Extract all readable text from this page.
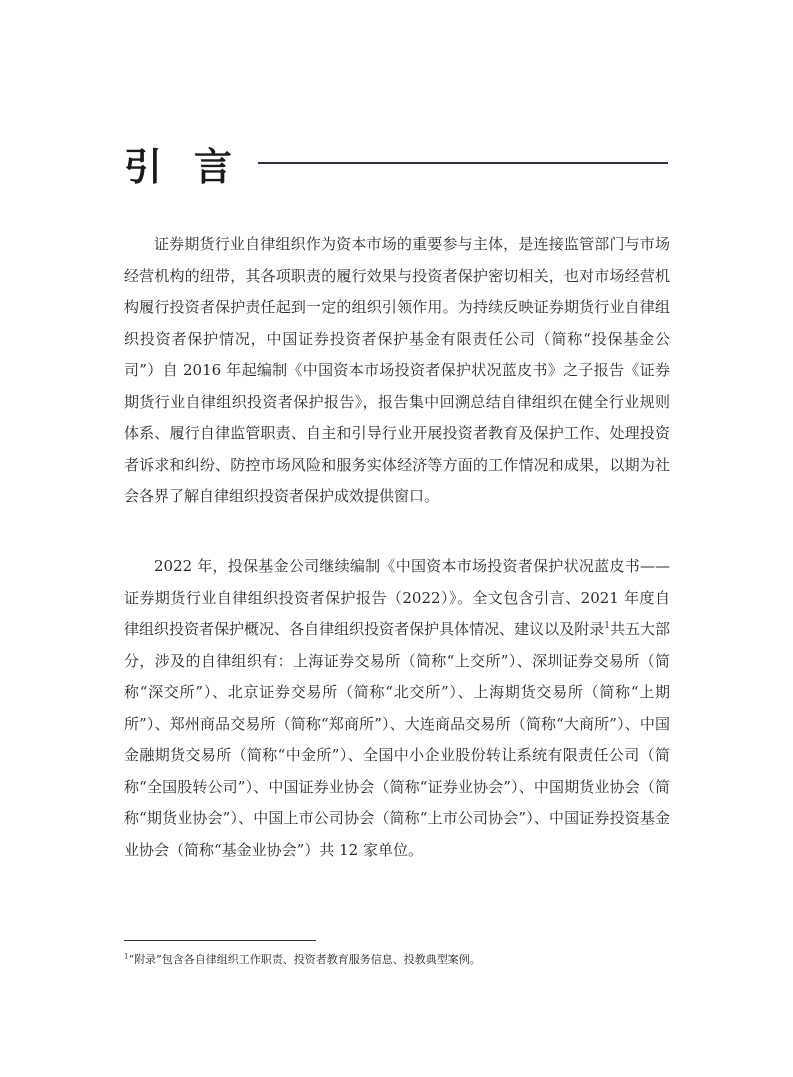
引 言

证券期货行业自律组织作为资本市场的重要参与主体，是连接监管部门与市场经营机构的纽带，其各项职责的履行效果与投资者保护密切相关，也对市场经营机构履行投资者保护责任起到一定的组织引领作用。为持续反映证券期货行业自律组织投资者保护情况，中国证券投资者保护基金有限责任公司（简称“投保基金公司”）自 2016 年起编制《中国资本市场投资者保护状况蓝皮书》之子报告《证券期货行业自律组织投资者保护报告》，报告集中回溯总结自律组织在健全行业规则体系、履行自律监管职责、自主和引导行业开展投资者教育及保护工作、处理投资者诉求和纠纷、防控市场风险和服务实体经济等方面的工作情况和成果，以期为社会各界了解自律组织投资者保护成效提供窗口。

2022 年，投保基金公司继续编制《中国资本市场投资者保护状况蓝皮书——证券期货行业自律组织投资者保护报告（2022）》。全文包含引言、2021 年度自律组织投资者保护概况、各自律组织投资者保护具体情况、建议以及附录$^1$共五大部分，涉及的自律组织有：上海证券交易所（简称“上交所”）、深圳证券交易所（简称“深交所”）、北京证券交易所（简称“北交所”）、上海期货交易所（简称“上期所”）、郑州商品交易所（简称“郑商所”）、大连商品交易所（简称“大商所”）、中国金融期货交易所（简称“中金所”）、全国中小企业股份转让系统有限责任公司（简称“全国股转公司”）、中国证券业协会（简称“证券业协会”）、中国期货业协会（简称“期货业协会”）、中国上市公司协会（简称“上市公司协会”）、中国证券投资基金业协会（简称“基金业协会”）共 12 家单位。

$^1$“附录”包含各自律组织工作职责、投资者教育服务信息、投教典型案例。
